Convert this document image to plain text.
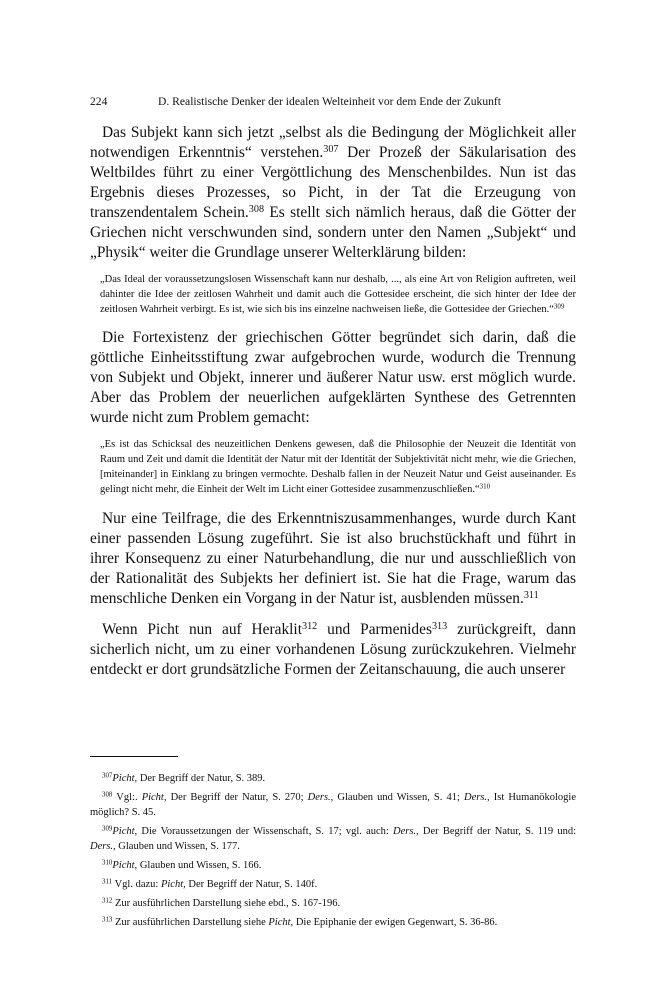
224	D. Realistische Denker der idealen Welteinheit vor dem Ende der Zukunft

Das Subjekt kann sich jetzt „selbst als die Bedingung der Möglichkeit aller notwendigen Erkenntnis“ verstehen.$^{307}$ Der Prozeß der Säkularisation des Weltbildes führt zu einer Vergöttlichung des Menschenbildes. Nun ist das Ergebnis dieses Prozesses, so Picht, in der Tat die Erzeugung von transzendentalem Schein.$^{308}$ Es stellt sich nämlich heraus, daß die Götter der Griechen nicht verschwunden sind, sondern unter den Namen „Subjekt“ und „Physik“ weiter die Grundlage unserer Welterklärung bilden:

„Das Ideal der voraussetzungslosen Wissenschaft kann nur deshalb, ..., als eine Art von Religion auftreten, weil dahinter die Idee der zeitlosen Wahrheit und damit auch die Gottesidee erscheint, die sich hinter der Idee der zeitlosen Wahrheit verbirgt. Es ist, wie sich bis ins einzelne nachweisen ließe, die Gottesidee der Griechen.“$^{309}$

Die Fortexistenz der griechischen Götter begründet sich darin, daß die göttliche Einheitsstiftung zwar aufgebrochen wurde, wodurch die Trennung von Subjekt und Objekt, innerer und äußerer Natur usw. erst möglich wurde. Aber das Problem der neuerlichen aufgeklärten Synthese des Getrennten wurde nicht zum Problem gemacht:

„Es ist das Schicksal des neuzeitlichen Denkens gewesen, daß die Philosophie der Neuzeit die Identität von Raum und Zeit und damit die Identität der Natur mit der Identität der Subjektivität nicht mehr, wie die Griechen, [miteinander] in Einklang zu bringen vermochte. Deshalb fallen in der Neuzeit Natur und Geist auseinander. Es gelingt nicht mehr, die Einheit der Welt im Licht einer Gottesidee zusammenzuschließen.“$^{310}$

Nur eine Teilfrage, die des Erkenntniszusammenhanges, wurde durch Kant einer passenden Lösung zugeführt. Sie ist also bruchstückhaft und führt in ihrer Konsequenz zu einer Naturbehandlung, die nur und ausschließlich von der Rationalität des Subjekts her definiert ist. Sie hat die Frage, warum das menschliche Denken ein Vorgang in der Natur ist, ausblenden müssen.$^{311}$

Wenn Picht nun auf Heraklit$^{312}$ und Parmenides$^{313}$ zurückgreift, dann sicherlich nicht, um zu einer vorhandenen Lösung zurückzukehren. Vielmehr entdeckt er dort grundsätzliche Formen der Zeitanschauung, die auch unserer

$^{307}$Picht, Der Begriff der Natur, S. 389.

$^{308}$ Vgl:. Picht, Der Begriff der Natur, S. 270; Ders., Glauben und Wissen, S. 41; Ders., Ist Humanökologie möglich? S. 45.

$^{309}$Picht, Die Voraussetzungen der Wissenschaft, S. 17; vgl. auch: Ders., Der Begriff der Natur, S. 119 und: Ders., Glauben und Wissen, S. 177.

$^{310}$Picht, Glauben und Wissen, S. 166.

$^{311}$ Vgl. dazu: Picht, Der Begriff der Natur, S. 140f.

$^{312}$ Zur ausführlichen Darstellung siehe ebd., S. 167-196.

$^{313}$ Zur ausführlichen Darstellung siehe Picht, Die Epiphanie der ewigen Gegenwart, S. 36-86.
